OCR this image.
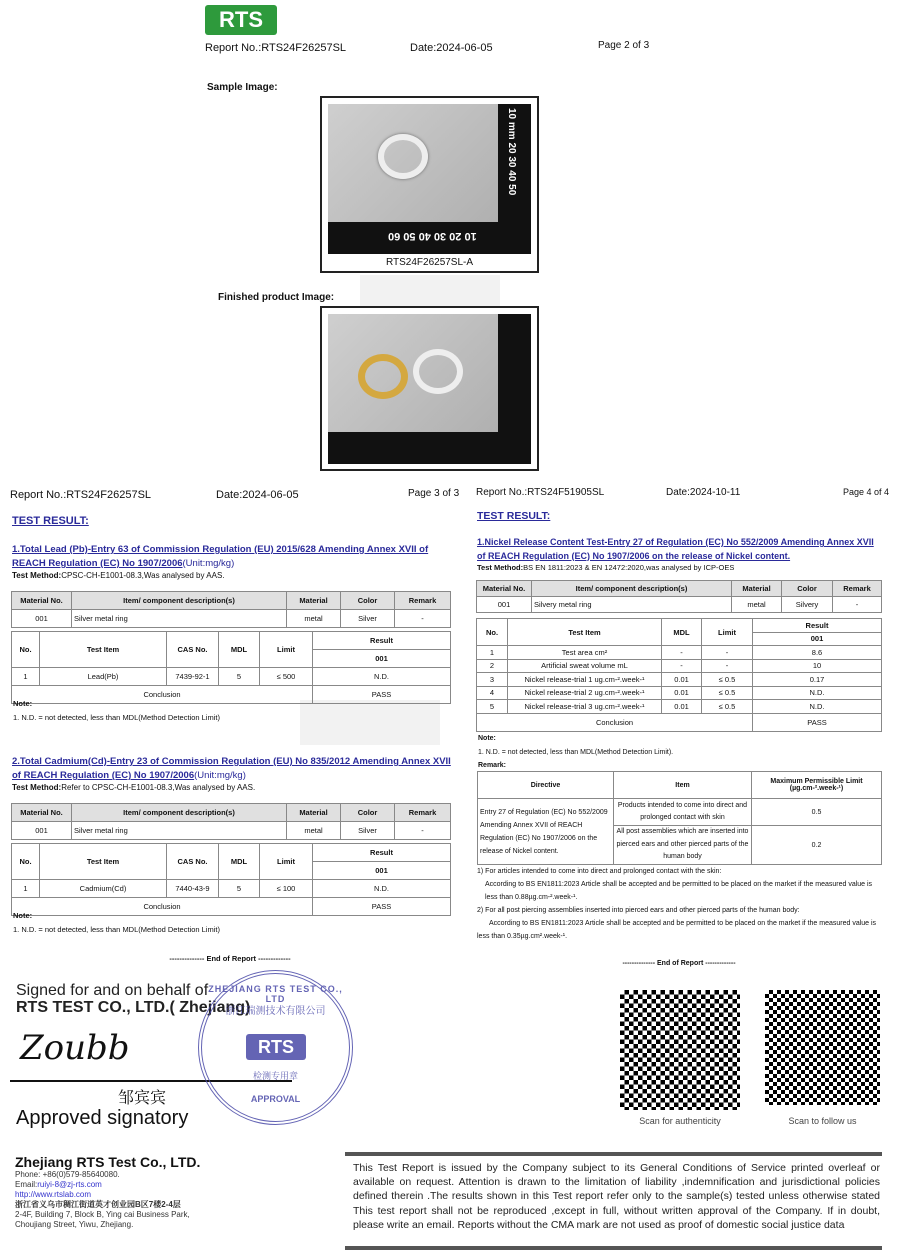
RTS
Report No.:RTS24F26257SL	Date:2024-06-05	Page 2 of 3
Sample Image:
10 20 30 40 50 60
10 mm 20 30 40 50
RTS24F26257SL-A
Finished product Image:
Report No.:RTS24F26257SL	Date:2024-06-05	Page 3 of 3
TEST RESULT:
1.Total Lead (Pb)-Entry 63 of Commission Regulation (EU) 2015/628 Amending Annex XVII of REACH Regulation (EC) No 1907/2006(Unit:mg/kg)
Test Method:CPSC-CH-E1001-08.3,Was analysed by AAS.
Material No.	Item/ component description(s)	Material	Color	Remark
001	Silver metal ring	metal	Silver	-
No.	Test Item	CAS No.	MDL	Limit	Result
					001
1	Lead(Pb)	7439-92-1	5	≤ 500	N.D.
Conclusion					PASS
Note:
1. N.D. = not detected, less than MDL(Method Detection Limit)
2.Total Cadmium(Cd)-Entry 23 of Commission Regulation (EU) No 835/2012 Amending Annex XVII of REACH Regulation (EC) No 1907/2006(Unit:mg/kg)
Test Method:Refer to CPSC-CH-E1001-08.3,Was analysed by AAS.
Material No.	Item/ component description(s)	Material	Color	Remark
001	Silver metal ring	metal	Silver	-
No.	Test Item	CAS No.	MDL	Limit	Result
					001
1	Cadmium(Cd)	7440-43-9	5	≤ 100	N.D.
Conclusion					PASS
Note:
1. N.D. = not detected, less than MDL(Method Detection Limit)
-------------- End of Report -------------
Report No.:RTS24F51905SL	Date:2024-10-11	Page 4 of 4
TEST RESULT:
1.Nickel Release Content Test-Entry 27 of Regulation (EC) No 552/2009 Amending Annex XVII of REACH Regulation (EC) No 1907/2006 on the release of Nickel content.
Test Method:BS EN 1811:2023 & EN 12472:2020,was analysed by ICP-OES
Material No.	Item/ component description(s)	Material	Color	Remark
001	Silvery metal ring	metal	Silvery	-
No.	Test Item	MDL	Limit	Result
				001
1	Test area cm²	-	-	8.6
2	Artificial sweat volume mL	-	-	10
3	Nickel release-trial 1 ug.cm-².week-¹	0.01	≤ 0.5	0.17
4	Nickel release-trial 2 ug.cm-².week-¹	0.01	≤ 0.5	N.D.
5	Nickel release-trial 3 ug.cm-².week-¹	0.01	≤ 0.5	N.D.
Conclusion				PASS
Note:
1. N.D. = not detected, less than MDL(Method Detection Limit).
Remark:
Directive	Item	Maximum Permissible Limit
(µg.cm-².week-¹)
Entry 27 of Regulation (EC) No 552/2009 Amending Annex XVII of REACH Regulation (EC) No 1907/2006 on the release of Nickel content.	Products intended to come into direct and prolonged contact with skin	0.5
	All post assemblies which are inserted into pierced ears and other pierced parts of the human body	0.2
1) For articles intended to come into direct and prolonged contact with the skin:
According to BS EN1811:2023 Article shall be accepted and be permitted to be placed on the market if the measured value is less than 0.88µg.cm-².week-¹.
2) For all post piercing assemblies inserted into pierced ears and other pierced parts of the human body:
According to BS EN1811:2023 Article shall be accepted and be permitted to be placed on the market if the measured value is less than 0.35µg.cm².week-¹.
-------------- End of Report -------------
Scan for authenticity	Scan to follow us
Signed for and on behalf of
RTS TEST CO., LTD.( Zhejiang)
Zoubb
邹宾宾
Approved signatory
ZHEJIANG RTS TEST CO., LTD
浙江瑞测技术有限公司
RTS
检测专用章
APPROVAL
Zhejiang RTS Test Co., LTD.
Phone: +86(0)579-85640080.
Email:ruiyi-8@zj-rts.com
http://www.rtslab.com
浙江省义乌市稠江街道英才创业园B区7楼2-4层
2-4F, Building 7, Block B, Ying cai Business Park,
Choujiang Street, Yiwu, Zhejiang.
This Test Report is issued by the Company subject to its General Conditions of Service printed overleaf or available on request. Attention is drawn to the limitation of liability ,indemnification and jurisdictional policies defined therein .The results shown in this Test report refer only to the sample(s) tested unless otherwise stated This test report shall not be reproduced ,except in full, without written approval of the Company. If in doubt, please write an email. Reports without the CMA mark are not used as proof of domestic social justice data
